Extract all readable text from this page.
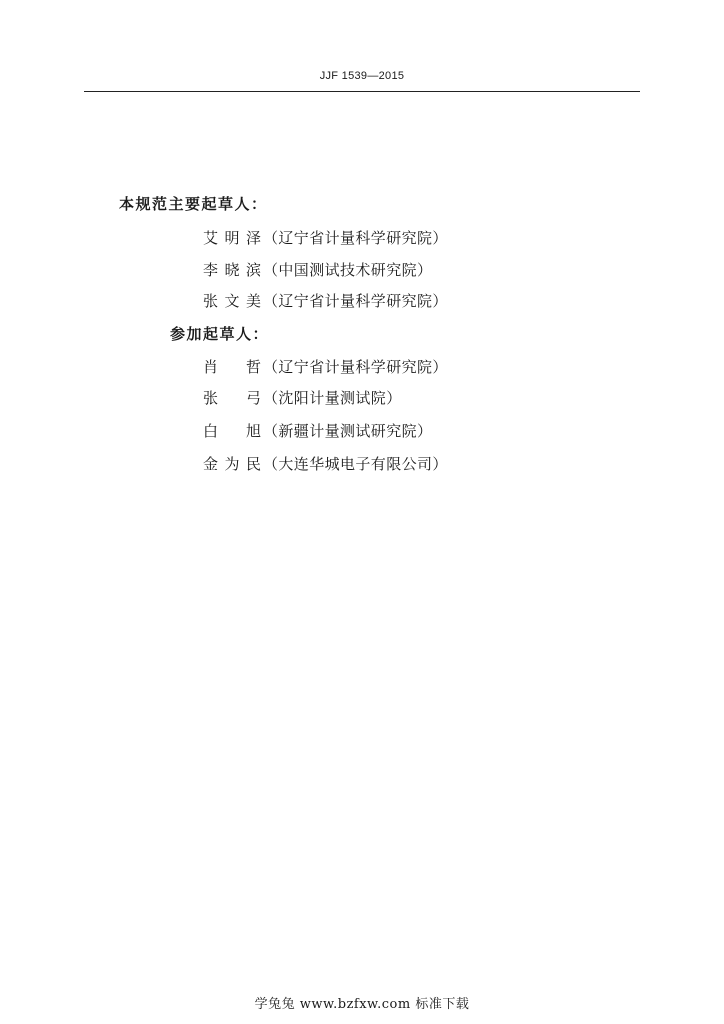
JJF 1539—2015
本规范主要起草人：
艾明泽 （辽宁省计量科学研究院）
李晓滨 （中国测试技术研究院）
张文美 （辽宁省计量科学研究院）
参加起草人：
肖 哲 （辽宁省计量科学研究院）
张 弓 （沈阳计量测试院）
白 旭 （新疆计量测试研究院）
金为民 （大连华城电子有限公司）
学兔兔 www.bzfxw.com 标准下载
